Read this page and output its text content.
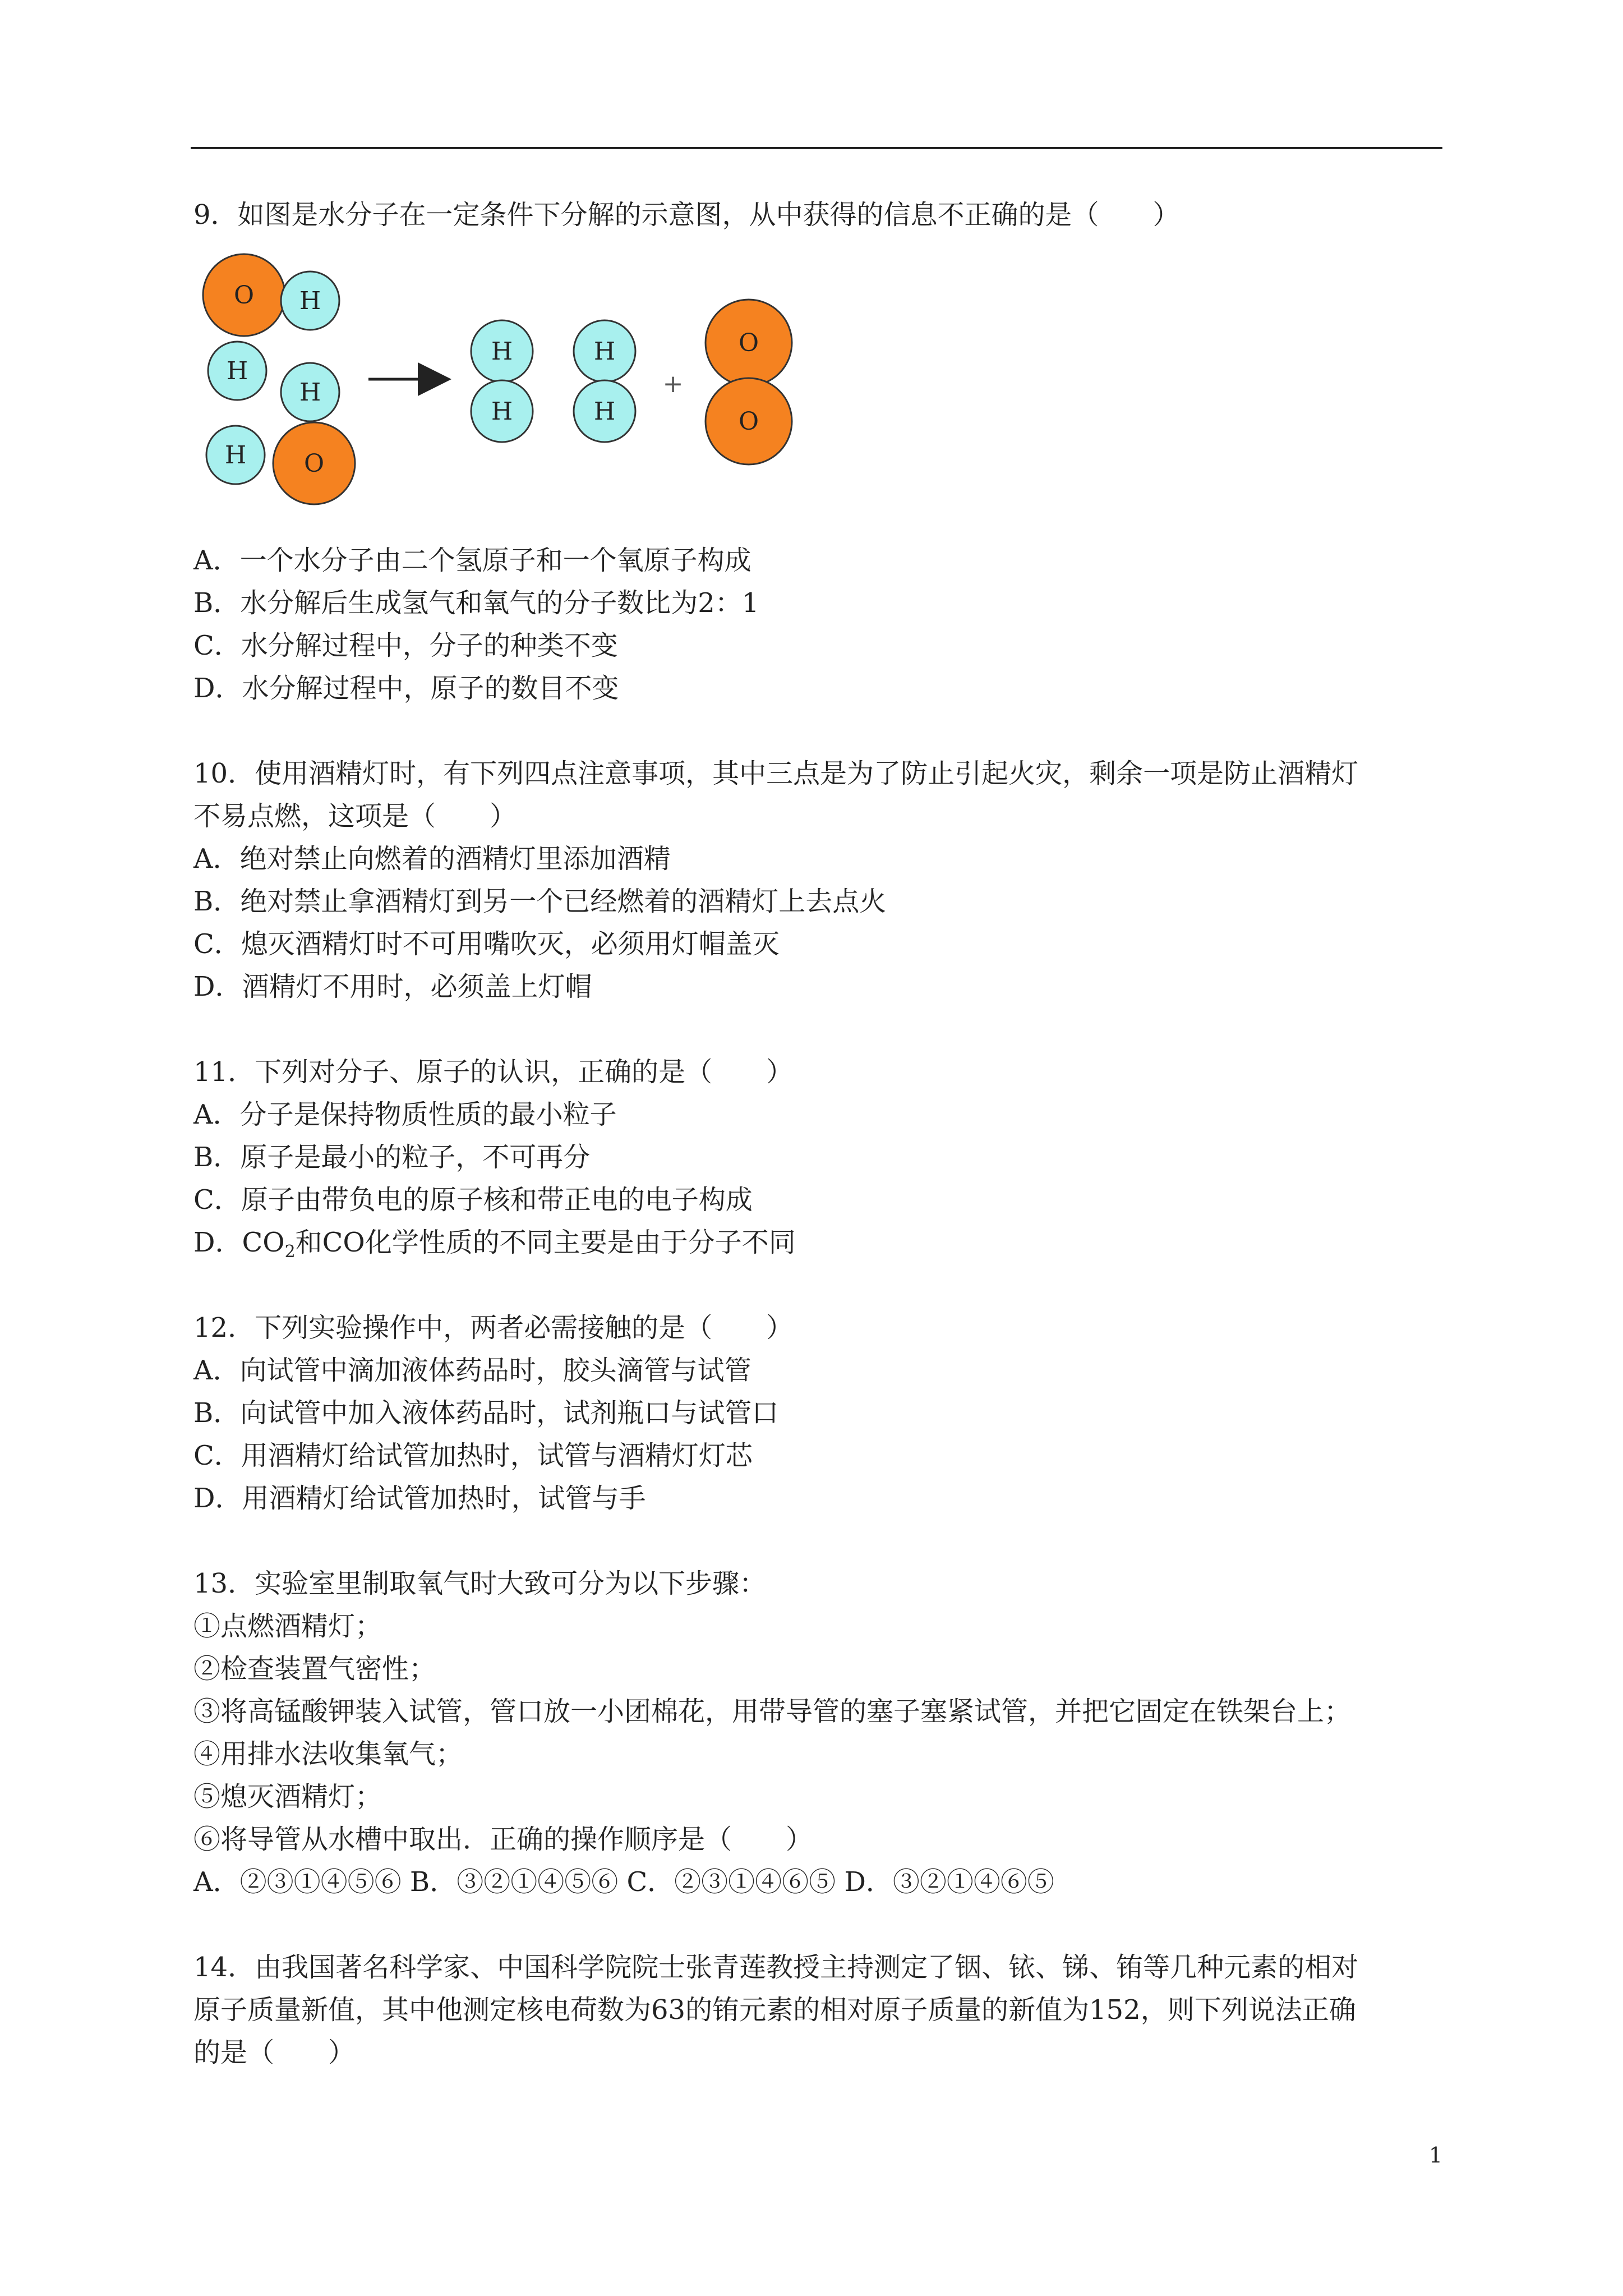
9．如图是水分子在一定条件下分解的示意图，从中获得的信息不正确的是（　　）

O H
H
H
H O
H
H
H
H
+
O
O

A．一个水分子由二个氢原子和一个氧原子构成

B．水分解后生成氢气和氧气的分子数比为2：1

C．水分解过程中，分子的种类不变

D．水分解过程中，原子的数目不变

10．使用酒精灯时，有下列四点注意事项，其中三点是为了防止引起火灾，剩余一项是防止酒精灯

不易点燃，这项是（　　）

A．绝对禁止向燃着的酒精灯里添加酒精

B．绝对禁止拿酒精灯到另一个已经燃着的酒精灯上去点火

C．熄灭酒精灯时不可用嘴吹灭，必须用灯帽盖灭

D．酒精灯不用时，必须盖上灯帽

11．下列对分子、原子的认识，正确的是（　　）

A．分子是保持物质性质的最小粒子

B．原子是最小的粒子，不可再分

C．原子由带负电的原子核和带正电的电子构成

D．$CO_2$和CO化学性质的不同主要是由于分子不同

12．下列实验操作中，两者必需接触的是（　　）

A．向试管中滴加液体药品时，胶头滴管与试管

B．向试管中加入液体药品时，试剂瓶口与试管口

C．用酒精灯给试管加热时，试管与酒精灯灯芯

D．用酒精灯给试管加热时，试管与手

13．实验室里制取氧气时大致可分为以下步骤：

①点燃酒精灯；

②检查装置气密性；

③将高锰酸钾装入试管，管口放一小团棉花，用带导管的塞子塞紧试管，并把它固定在铁架台上；

④用排水法收集氧气；

⑤熄灭酒精灯；

⑥将导管从水槽中取出．正确的操作顺序是（　　）

A．②③①④⑤⑥ B．③②①④⑤⑥ C．②③①④⑥⑤ D．③②①④⑥⑤

14．由我国著名科学家、中国科学院院士张青莲教授主持测定了铟、铱、锑、铕等几种元素的相对

原子质量新值，其中他测定核电荷数为63的铕元素的相对原子质量的新值为152，则下列说法正确

的是（　　）

1
